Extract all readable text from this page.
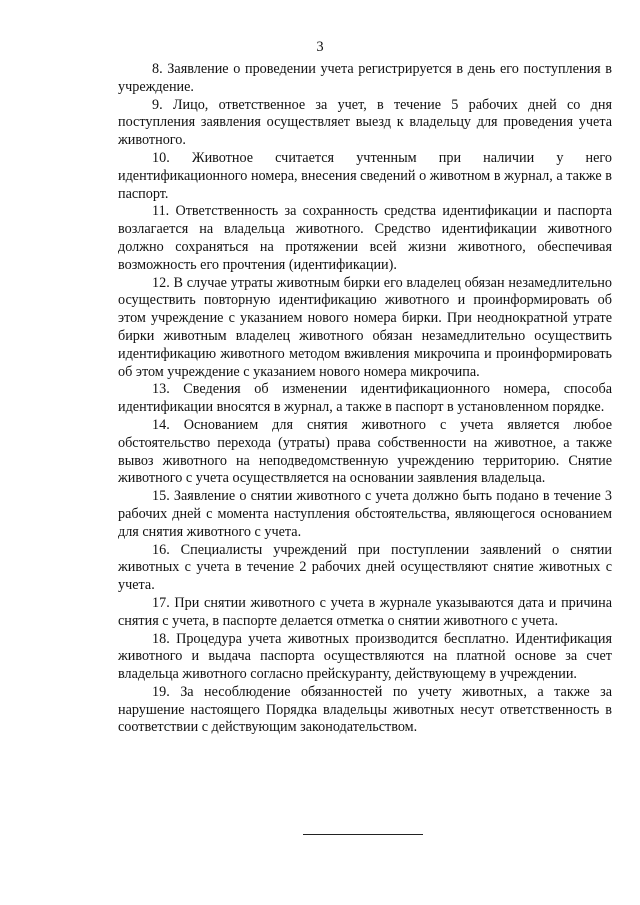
3

8. Заявление о проведении учета регистрируется в день его поступления в учреждение.

9. Лицо, ответственное за учет, в течение 5 рабочих дней со дня поступления заявления осуществляет выезд к владельцу для проведения учета животного.

10. Животное считается учтенным при наличии у него идентификационного номера, внесения сведений о животном в журнал, а также в паспорт.

11. Ответственность за сохранность средства идентификации и паспорта возлагается на владельца животного. Средство идентификации животного должно сохраняться на протяжении всей жизни животного, обеспечивая возможность его прочтения (идентификации).

12. В случае утраты животным бирки его владелец обязан незамедлительно осуществить повторную идентификацию животного и проинформировать об этом учреждение с указанием нового номера бирки. При неоднократной утрате бирки животным владелец животного обязан незамедлительно осуществить идентификацию животного методом вживления микрочипа и проинформировать об этом учреждение с указанием нового номера микрочипа.

13. Сведения об изменении идентификационного номера, способа идентификации вносятся в журнал, а также в паспорт в установленном порядке.

14. Основанием для снятия животного с учета является любое обстоятельство перехода (утраты) права собственности на животное, а также вывоз животного на неподведомственную учреждению территорию. Снятие животного с учета осуществляется на основании заявления владельца.

15. Заявление о снятии животного с учета должно быть подано в течение 3 рабочих дней с момента наступления обстоятельства, являющегося основанием для снятия животного с учета.

16. Специалисты учреждений при поступлении заявлений о снятии животных с учета в течение 2 рабочих дней осуществляют снятие животных с учета.

17. При снятии животного с учета в журнале указываются дата и причина снятия с учета, в паспорте делается отметка о снятии животного с учета.

18. Процедура учета животных производится бесплатно. Идентификация животного и выдача паспорта осуществляются на платной основе за счет владельца животного согласно прейскуранту, действующему в учреждении.

19. За несоблюдение обязанностей по учету животных, а также за нарушение настоящего Порядка владельцы животных несут ответственность в соответствии с действующим законодательством.
